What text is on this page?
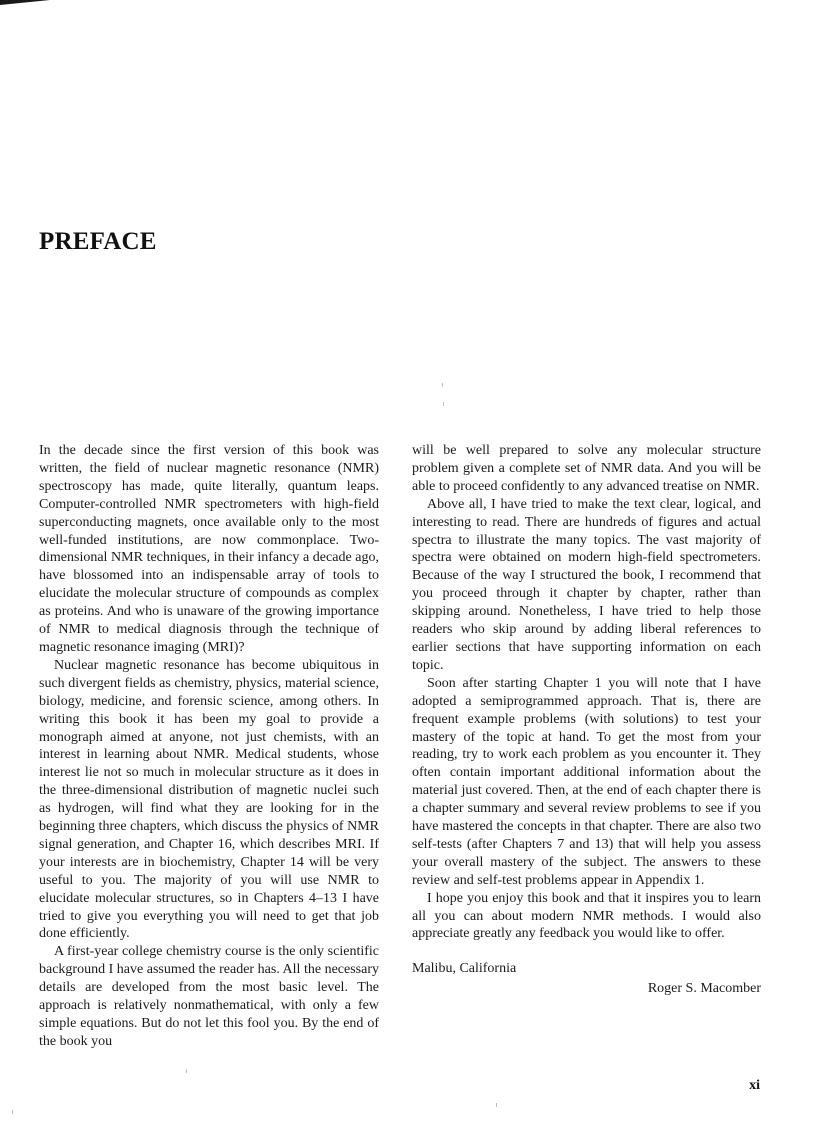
PREFACE

In the decade since the first version of this book was written, the field of nuclear magnetic resonance (NMR) spectroscopy has made, quite literally, quantum leaps. Computer-controlled NMR spectrometers with high-field superconducting magnets, once available only to the most well-funded institutions, are now commonplace. Two-dimensional NMR techniques, in their infancy a decade ago, have blossomed into an indispensable array of tools to elucidate the molecular structure of compounds as complex as proteins. And who is unaware of the growing importance of NMR to medical diagnosis through the technique of magnetic resonance imaging (MRI)?

Nuclear magnetic resonance has become ubiquitous in such divergent fields as chemistry, physics, material science, biology, medicine, and forensic science, among others. In writing this book it has been my goal to provide a monograph aimed at anyone, not just chemists, with an interest in learning about NMR. Medical students, whose interest lie not so much in molecular structure as it does in the three-dimensional distribution of magnetic nuclei such as hydrogen, will find what they are looking for in the beginning three chapters, which discuss the physics of NMR signal generation, and Chapter 16, which describes MRI. If your interests are in biochemistry, Chapter 14 will be very useful to you. The majority of you will use NMR to elucidate molecular structures, so in Chapters 4–13 I have tried to give you everything you will need to get that job done efficiently.

A first-year college chemistry course is the only scientific background I have assumed the reader has. All the necessary details are developed from the most basic level. The approach is relatively nonmathematical, with only a few simple equations. But do not let this fool you. By the end of the book you

will be well prepared to solve any molecular structure problem given a complete set of NMR data. And you will be able to proceed confidently to any advanced treatise on NMR.

Above all, I have tried to make the text clear, logical, and interesting to read. There are hundreds of figures and actual spectra to illustrate the many topics. The vast majority of spectra were obtained on modern high-field spectrometers. Because of the way I structured the book, I recommend that you proceed through it chapter by chapter, rather than skipping around. Nonetheless, I have tried to help those readers who skip around by adding liberal references to earlier sections that have supporting information on each topic.

Soon after starting Chapter 1 you will note that I have adopted a semiprogrammed approach. That is, there are frequent example problems (with solutions) to test your mastery of the topic at hand. To get the most from your reading, try to work each problem as you encounter it. They often contain important additional information about the material just covered. Then, at the end of each chapter there is a chapter summary and several review problems to see if you have mastered the concepts in that chapter. There are also two self-tests (after Chapters 7 and 13) that will help you assess your overall mastery of the subject. The answers to these review and self-test problems appear in Appendix 1.

I hope you enjoy this book and that it inspires you to learn all you can about modern NMR methods. I would also appreciate greatly any feedback you would like to offer.

Malibu, California

Roger S. Macomber

xi
